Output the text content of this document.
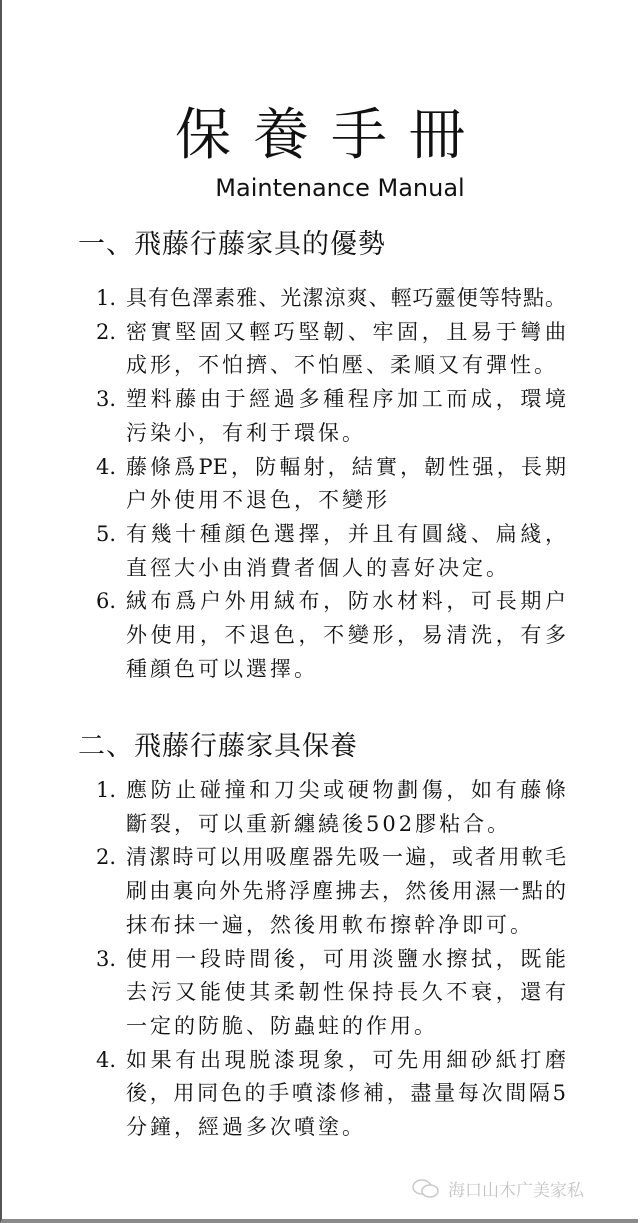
保養手冊
Maintenance Manual
一、飛藤行藤家具的優勢
1. 具有色澤素雅、光潔涼爽、輕巧靈便等特點。
2. 密實堅固又輕巧堅韌、牢固，且易于彎曲
成形，不怕擠、不怕壓、柔順又有彈性。
3. 塑料藤由于經過多種程序加工而成，環境
污染小，有利于環保。
4. 藤條爲PE，防輻射，結實，韌性强，長期
户外使用不退色，不變形
5. 有幾十種顔色選擇，并且有圓綫、扁綫，
直徑大小由消費者個人的喜好决定。
6. 絨布爲户外用絨布，防水材料，可長期户
外使用，不退色，不變形，易清洗，有多
種顔色可以選擇。
二、飛藤行藤家具保養
1. 應防止碰撞和刀尖或硬物劃傷，如有藤條
斷裂，可以重新纏繞後502膠粘合。
2. 清潔時可以用吸塵器先吸一遍，或者用軟毛
刷由裏向外先將浮塵拂去，然後用濕一點的
抹布抹一遍，然後用軟布擦幹净即可。
3. 使用一段時間後，可用淡鹽水擦拭，既能
去污又能使其柔韌性保持長久不衰，還有
一定的防脆、防蟲蛀的作用。
4. 如果有出現脱漆現象，可先用細砂紙打磨
後，用同色的手噴漆修補，盡量每次間隔5
分鐘，經過多次噴塗。
海口山木广美家私
